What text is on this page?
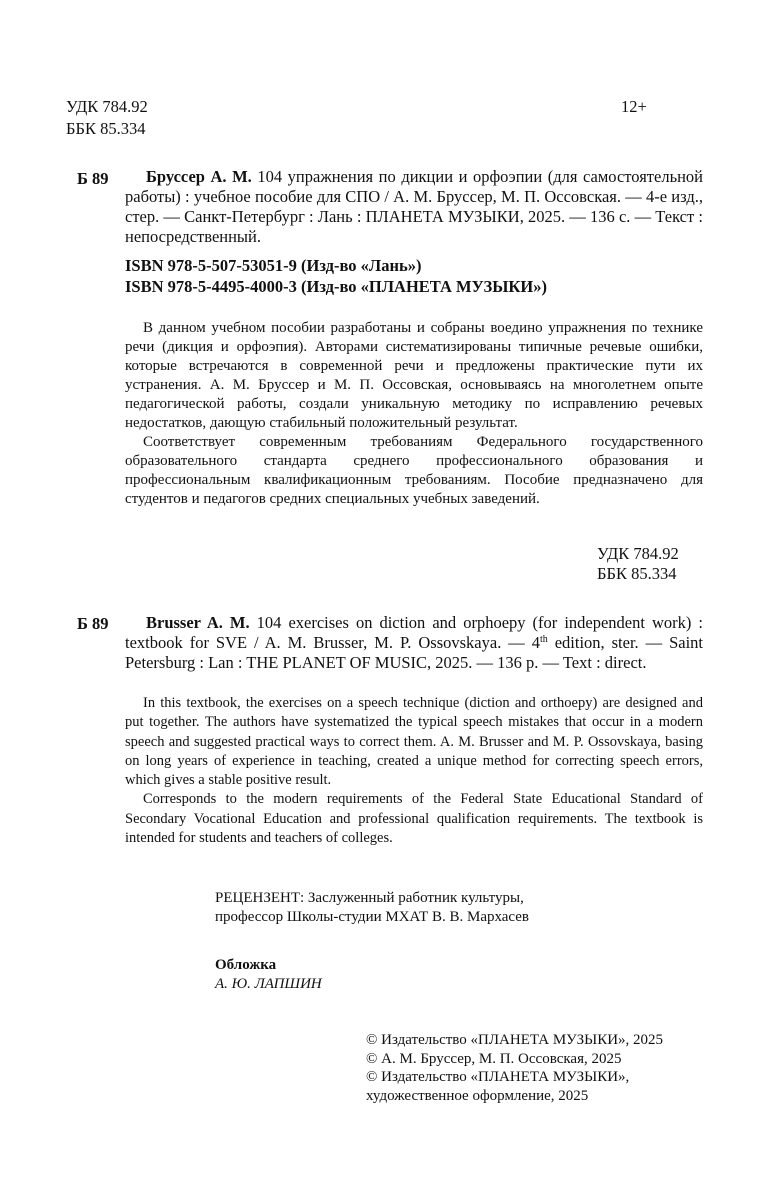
УДК 784.92
ББК 85.334
12+
Б 89	Бруссер А. М. 104 упражнения по дикции и орфоэпии (для самостоятельной работы) : учебное пособие для СПО / А. М. Бруссер, М. П. Оссовская. — 4-е изд., стер. — Санкт-Петербург : Лань : ПЛАНЕТА МУЗЫКИ, 2025. — 136 с. — Текст : непосредственный.
ISBN 978-5-507-53051-9 (Изд-во «Лань»)
ISBN 978-5-4495-4000-3 (Изд-во «ПЛАНЕТА МУЗЫКИ»)

В данном учебном пособии разработаны и собраны воедино упражнения по технике речи (дикция и орфоэпия). Авторами систематизированы типичные речевые ошибки, которые встречаются в современной речи и предложены практические пути их устранения. А. М. Бруссер и М. П. Оссовская, основываясь на многолетнем опыте педагогической работы, создали уникальную методику по исправлению речевых недостатков, дающую стабильный положительный результат.

Соответствует современным требованиям Федерального государственного образовательного стандарта среднего профессионального образования и профессиональным квалификационным требованиям. Пособие предназначено для студентов и педагогов средних специальных учебных заведений.

УДК 784.92
ББК 85.334
Б 89	Brusser A. M. 104 exercises on diction and orphoepy (for independent work) : textbook for SVE / A. M. Brusser, M. P. Ossovskaya. — 4th edition, ster. — Saint Petersburg : Lan : THE PLANET OF MUSIC, 2025. — 136 p. — Text : direct.

In this textbook, the exercises on a speech technique (diction and orthoepy) are designed and put together. The authors have systematized the typical speech mistakes that occur in a modern speech and suggested practical ways to correct them. A. M. Brusser and M. P. Ossovskaya, basing on long years of experience in teaching, created a unique method for correcting speech errors, which gives a stable positive result.

Corresponds to the modern requirements of the Federal State Educational Standard of Secondary Vocational Education and professional qualification requirements. The textbook is intended for students and teachers of colleges.

РЕЦЕНЗЕНТ: Заслуженный работник культуры,
профессор Школы-студии МХАТ В. В. Мархасев
Обложка
А. Ю. ЛАПШИН
© Издательство «ПЛАНЕТА МУЗЫКИ», 2025
© А. М. Бруссер, М. П. Оссовская, 2025
© Издательство «ПЛАНЕТА МУЗЫКИ»,
художественное оформление, 2025
